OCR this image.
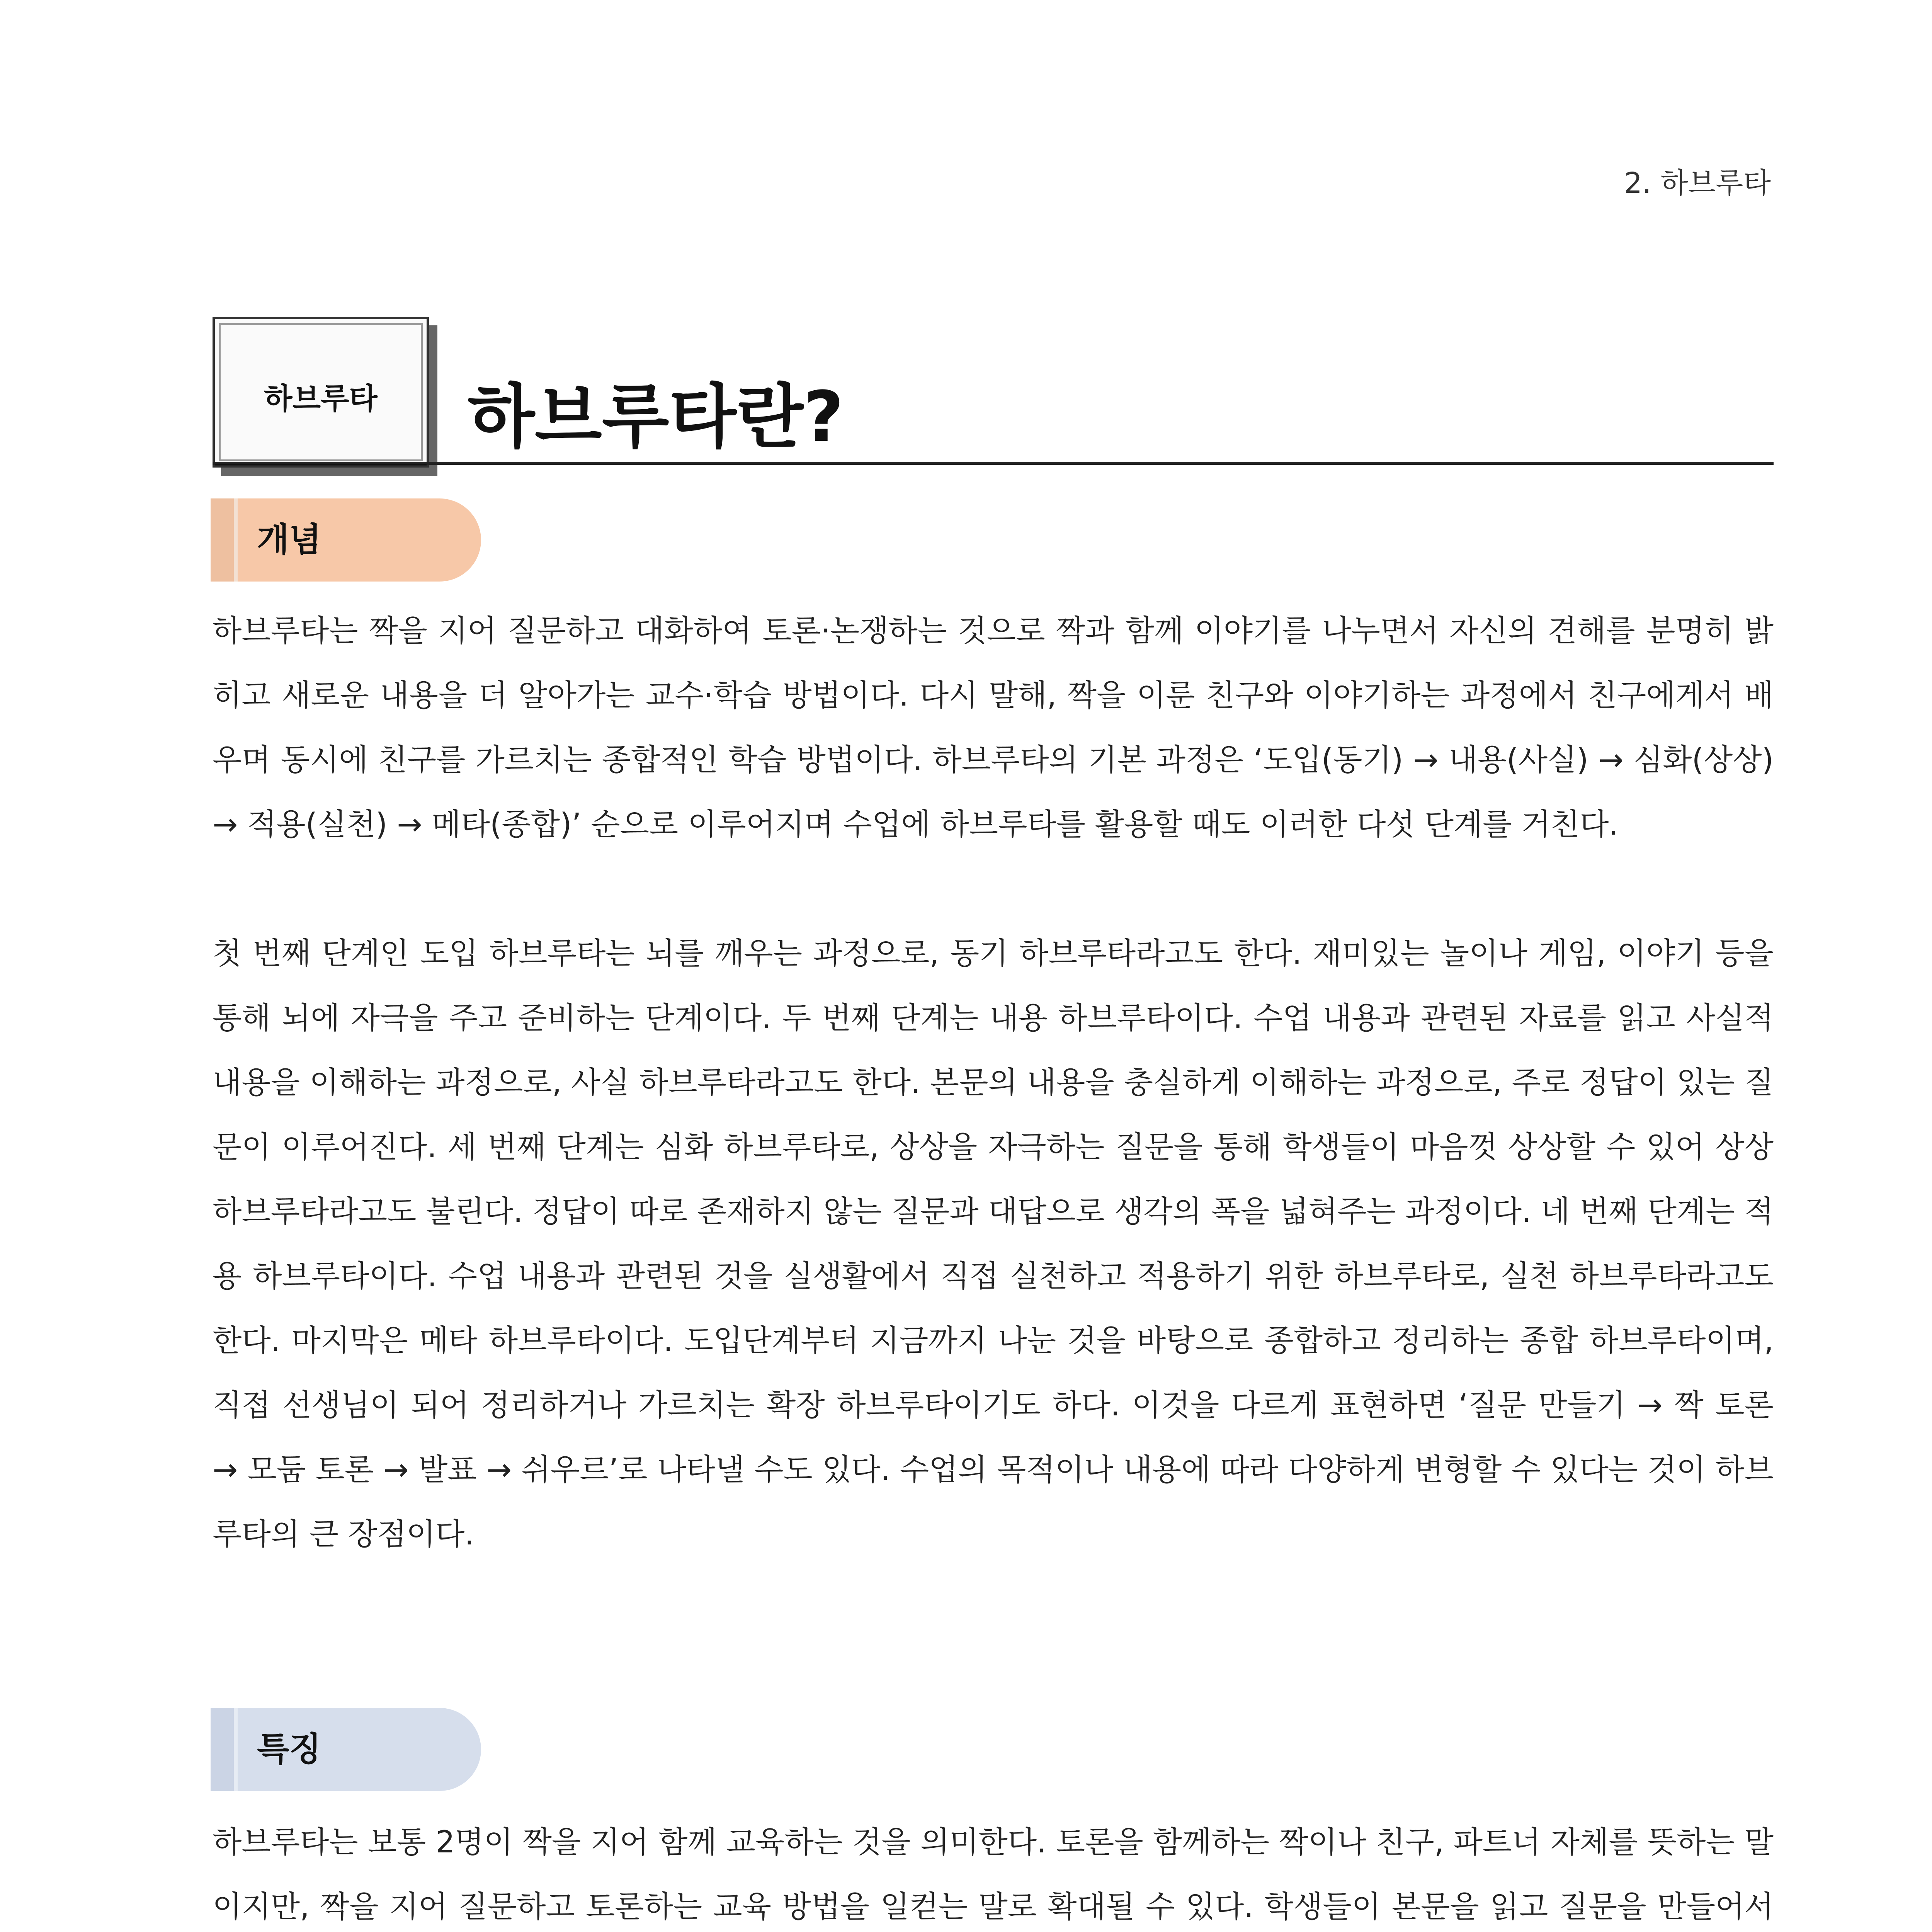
2. 하브루타
하브루타	하브루타란?
개념

하브루타는 짝을 지어 질문하고 대화하여 토론·논쟁하는 것으로 짝과 함께 이야기를 나누면서 자신의 견해를 분명히 밝히고 새로운 내용을 더 알아가는 교수·학습 방법이다. 다시 말해, 짝을 이룬 친구와 이야기하는 과정에서 친구에게서 배우며 동시에 친구를 가르치는 종합적인 학습 방법이다. 하브루타의 기본 과정은 ‘도입(동기) → 내용(사실) → 심화(상상) → 적용(실천) → 메타(종합)’ 순으로 이루어지며 수업에 하브루타를 활용할 때도 이러한 다섯 단계를 거친다.

첫 번째 단계인 도입 하브루타는 뇌를 깨우는 과정으로, 동기 하브루타라고도 한다. 재미있는 놀이나 게임, 이야기 등을 통해 뇌에 자극을 주고 준비하는 단계이다. 두 번째 단계는 내용 하브루타이다. 수업 내용과 관련된 자료를 읽고 사실적 내용을 이해하는 과정으로, 사실 하브루타라고도 한다. 본문의 내용을 충실하게 이해하는 과정으로, 주로 정답이 있는 질문이 이루어진다. 세 번째 단계는 심화 하브루타로, 상상을 자극하는 질문을 통해 학생들이 마음껏 상상할 수 있어 상상 하브루타라고도 불린다. 정답이 따로 존재하지 않는 질문과 대답으로 생각의 폭을 넓혀주는 과정이다. 네 번째 단계는 적용 하브루타이다. 수업 내용과 관련된 것을 실생활에서 직접 실천하고 적용하기 위한 하브루타로, 실천 하브루타라고도 한다. 마지막은 메타 하브루타이다. 도입단계부터 지금까지 나눈 것을 바탕으로 종합하고 정리하는 종합 하브루타이며, 직접 선생님이 되어 정리하거나 가르치는 확장 하브루타이기도 하다. 이것을 다르게 표현하면 ‘질문 만들기 → 짝 토론 → 모둠 토론 → 발표 → 쉬우르’로 나타낼 수도 있다. 수업의 목적이나 내용에 따라 다양하게 변형할 수 있다는 것이 하브루타의 큰 장점이다.

특징

하브루타는 보통 2명이 짝을 지어 함께 교육하는 것을 의미한다. 토론을 함께하는 짝이나 친구, 파트너 자체를 뜻하는 말이지만, 짝을 지어 질문하고 토론하는 교육 방법을 일컫는 말로 확대될 수 있다. 학생들이 본문을 읽고 질문을 만들어서
